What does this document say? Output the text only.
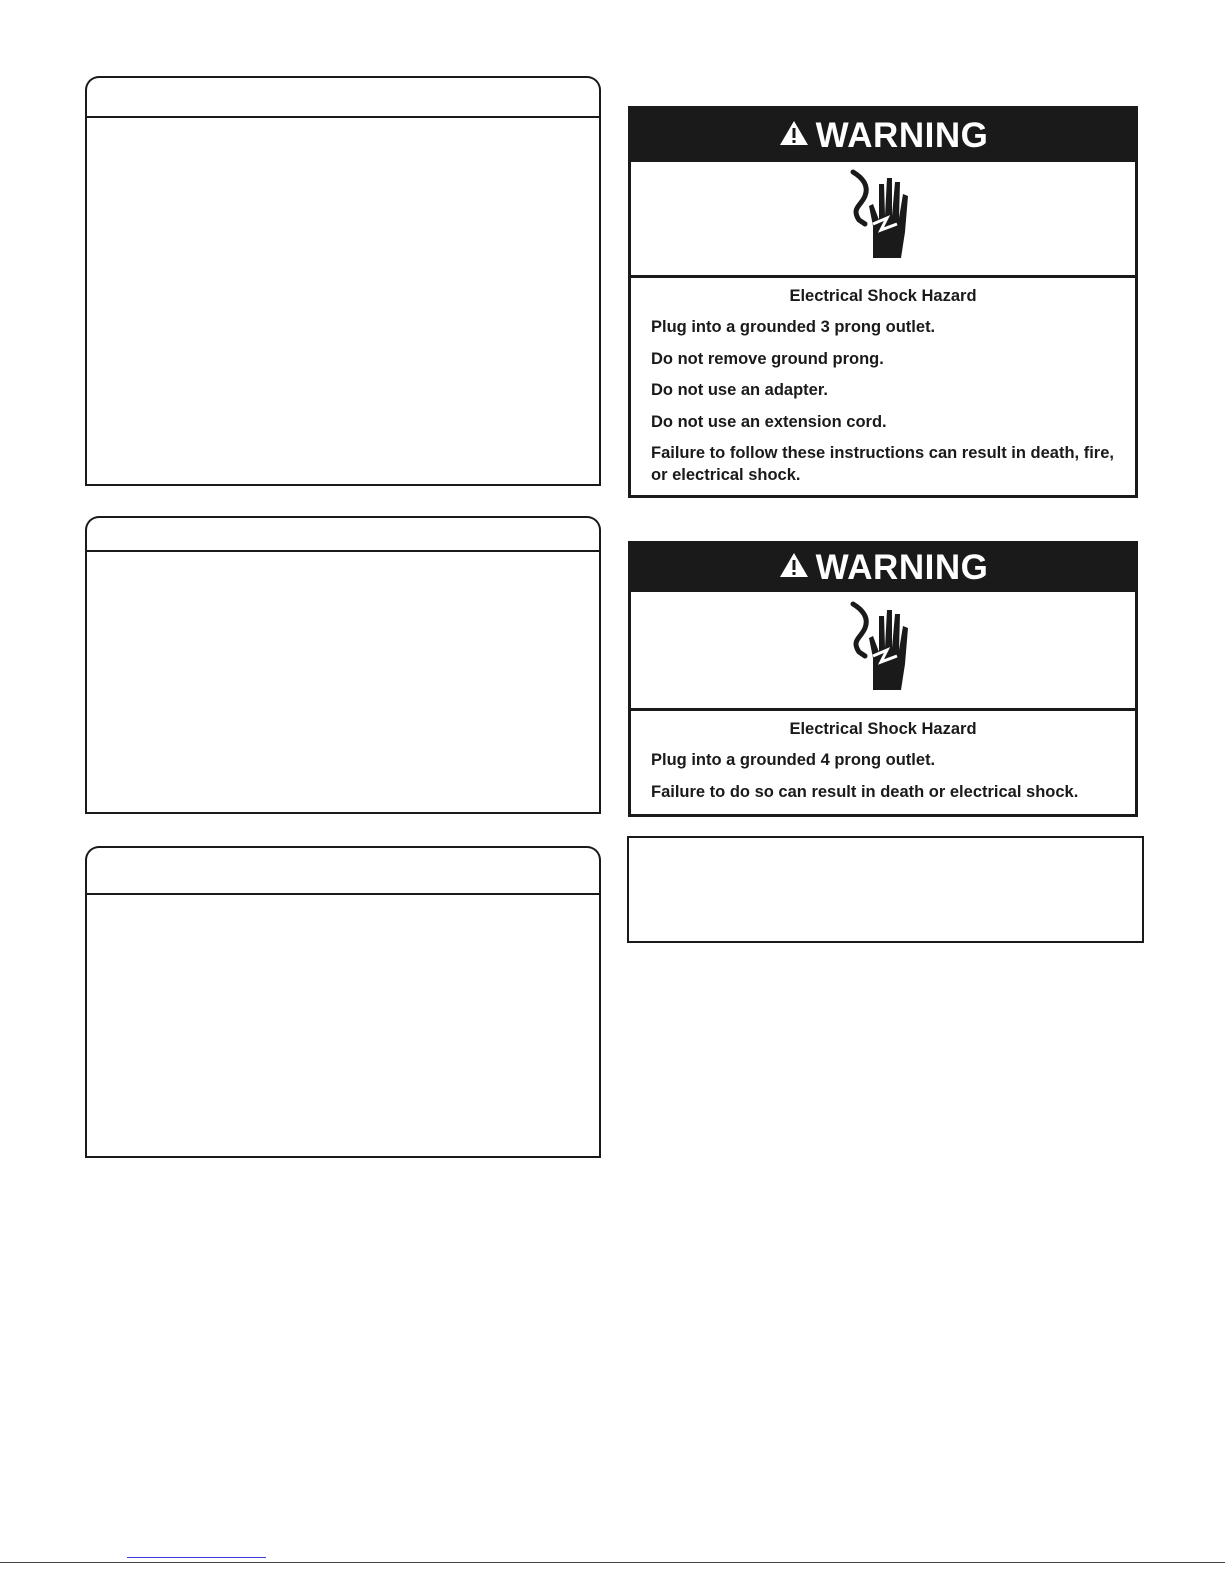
WARNING
Electrical Shock Hazard
Plug into a grounded 3 prong outlet.
Do not remove ground prong.
Do not use an adapter.
Do not use an extension cord.
Failure to follow these instructions can result in death, fire, or electrical shock.
WARNING
Electrical Shock Hazard
Plug into a grounded 4 prong outlet.
Failure to do so can result in death or electrical shock.
